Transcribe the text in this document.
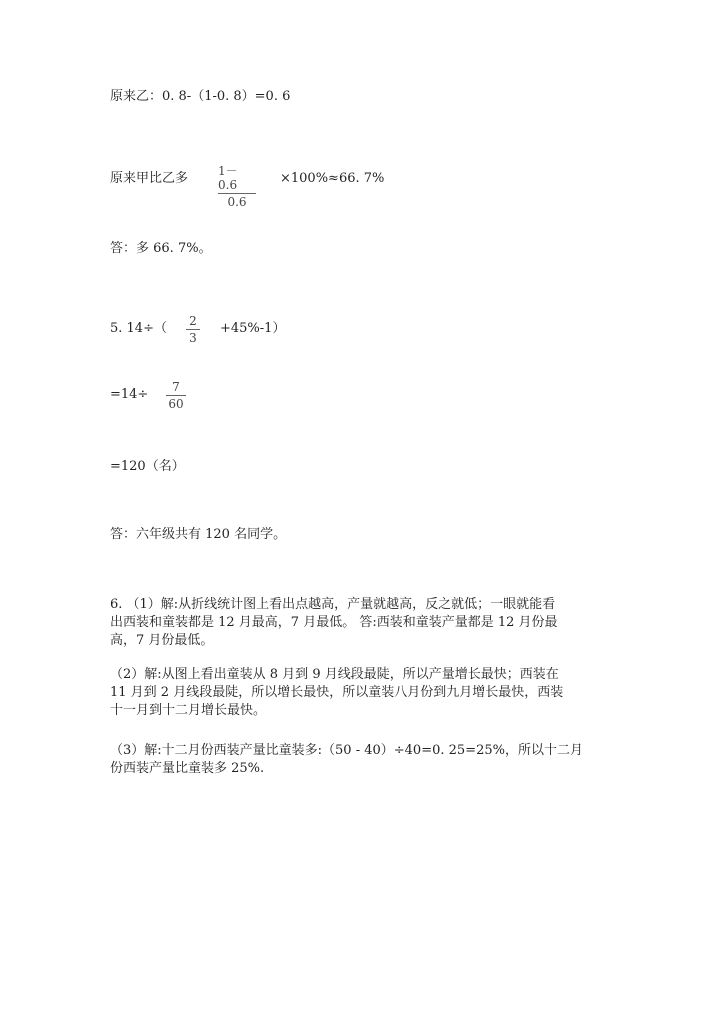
原来乙：0. 8-（1-0. 8）=0. 6
原来甲比乙多 1－0.6
0.6
×100%≈66. 7%
答：多 66. 7%。
5. 14÷（ 2
3
+45%-1）
=14÷ 7
60
=120（名）
答：六年级共有 120 名同学。
6. （1）解:从折线统计图上看出点越高，产量就越高，反之就低；一眼就能看
出西装和童装都是 12 月最高，7 月最低。 答:西装和童装产量都是 12 月份最
高，7 月份最低。
（2）解:从图上看出童装从 8 月到 9 月线段最陡，所以产量增长最快；西装在
11 月到 2 月线段最陡，所以增长最快，所以童装八月份到九月增长最快，西装
十一月到十二月增长最快。
（3）解:十二月份西装产量比童装多:（50 - 40）÷40=0. 25=25%，所以十二月
份西装产量比童装多 25%.
